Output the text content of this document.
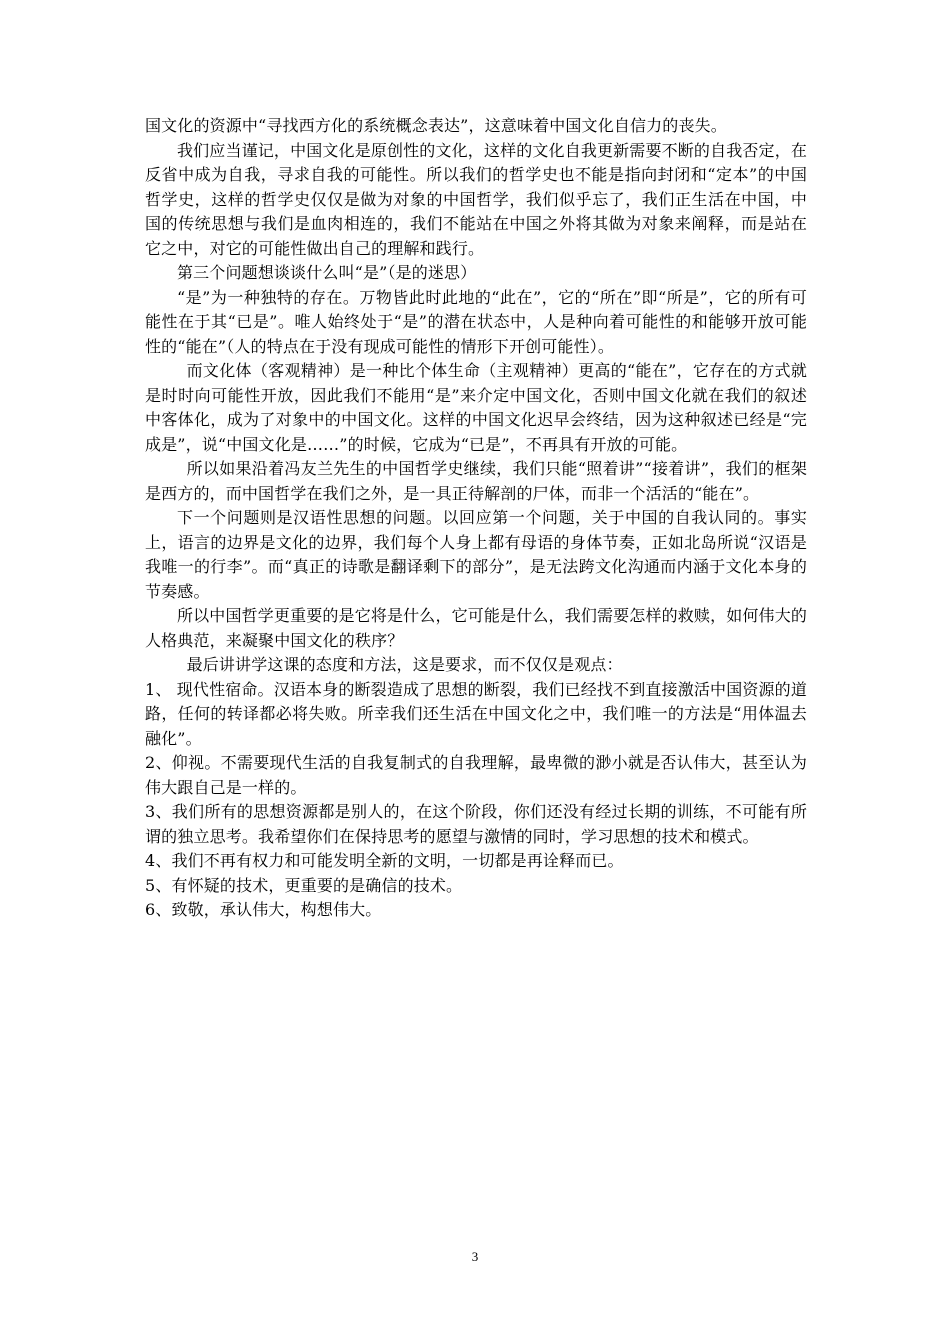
国文化的资源中“寻找西方化的系统概念表达”，这意味着中国文化自信力的丧失。

我们应当谨记，中国文化是原创性的文化，这样的文化自我更新需要不断的自我否定，在反省中成为自我，寻求自我的可能性。所以我们的哲学史也不能是指向封闭和“定本”的中国哲学史，这样的哲学史仅仅是做为对象的中国哲学，我们似乎忘了，我们正生活在中国，中国的传统思想与我们是血肉相连的，我们不能站在中国之外将其做为对象来阐释，而是站在它之中，对它的可能性做出自己的理解和践行。

第三个问题想谈谈什么叫“是”（是的迷思）

“是”为一种独特的存在。万物皆此时此地的“此在”，它的“所在”即“所是”，它的所有可能性在于其“已是”。唯人始终处于“是”的潜在状态中，人是种向着可能性的和能够开放可能性的“能在”（人的特点在于没有现成可能性的情形下开创可能性）。

而文化体（客观精神）是一种比个体生命（主观精神）更高的“能在”，它存在的方式就是时时向可能性开放，因此我们不能用“是”来介定中国文化，否则中国文化就在我们的叙述中客体化，成为了对象中的中国文化。这样的中国文化迟早会终结，因为这种叙述已经是“完成是”，说“中国文化是……”的时候，它成为“已是”，不再具有开放的可能。

所以如果沿着冯友兰先生的中国哲学史继续，我们只能“照着讲”“接着讲”，我们的框架是西方的，而中国哲学在我们之外，是一具正待解剖的尸体，而非一个活活的“能在”。

下一个问题则是汉语性思想的问题。以回应第一个问题，关于中国的自我认同的。事实上，语言的边界是文化的边界，我们每个人身上都有母语的身体节奏，正如北岛所说“汉语是我唯一的行李”。而“真正的诗歌是翻译剩下的部分”，是无法跨文化沟通而内涵于文化本身的节奏感。

所以中国哲学更重要的是它将是什么，它可能是什么，我们需要怎样的救赎，如何伟大的人格典范，来凝聚中国文化的秩序？

最后讲讲学这课的态度和方法，这是要求，而不仅仅是观点：

1、 现代性宿命。汉语本身的断裂造成了思想的断裂，我们已经找不到直接激活中国资源的道路，任何的转译都必将失败。所幸我们还生活在中国文化之中，我们唯一的方法是“用体温去融化”。

2、仰视。不需要现代生活的自我复制式的自我理解，最卑微的渺小就是否认伟大，甚至认为伟大跟自己是一样的。

3、我们所有的思想资源都是别人的，在这个阶段，你们还没有经过长期的训练，不可能有所谓的独立思考。我希望你们在保持思考的愿望与激情的同时，学习思想的技术和模式。

4、我们不再有权力和可能发明全新的文明，一切都是再诠释而已。

5、有怀疑的技术，更重要的是确信的技术。

6、致敬，承认伟大，构想伟大。

3
